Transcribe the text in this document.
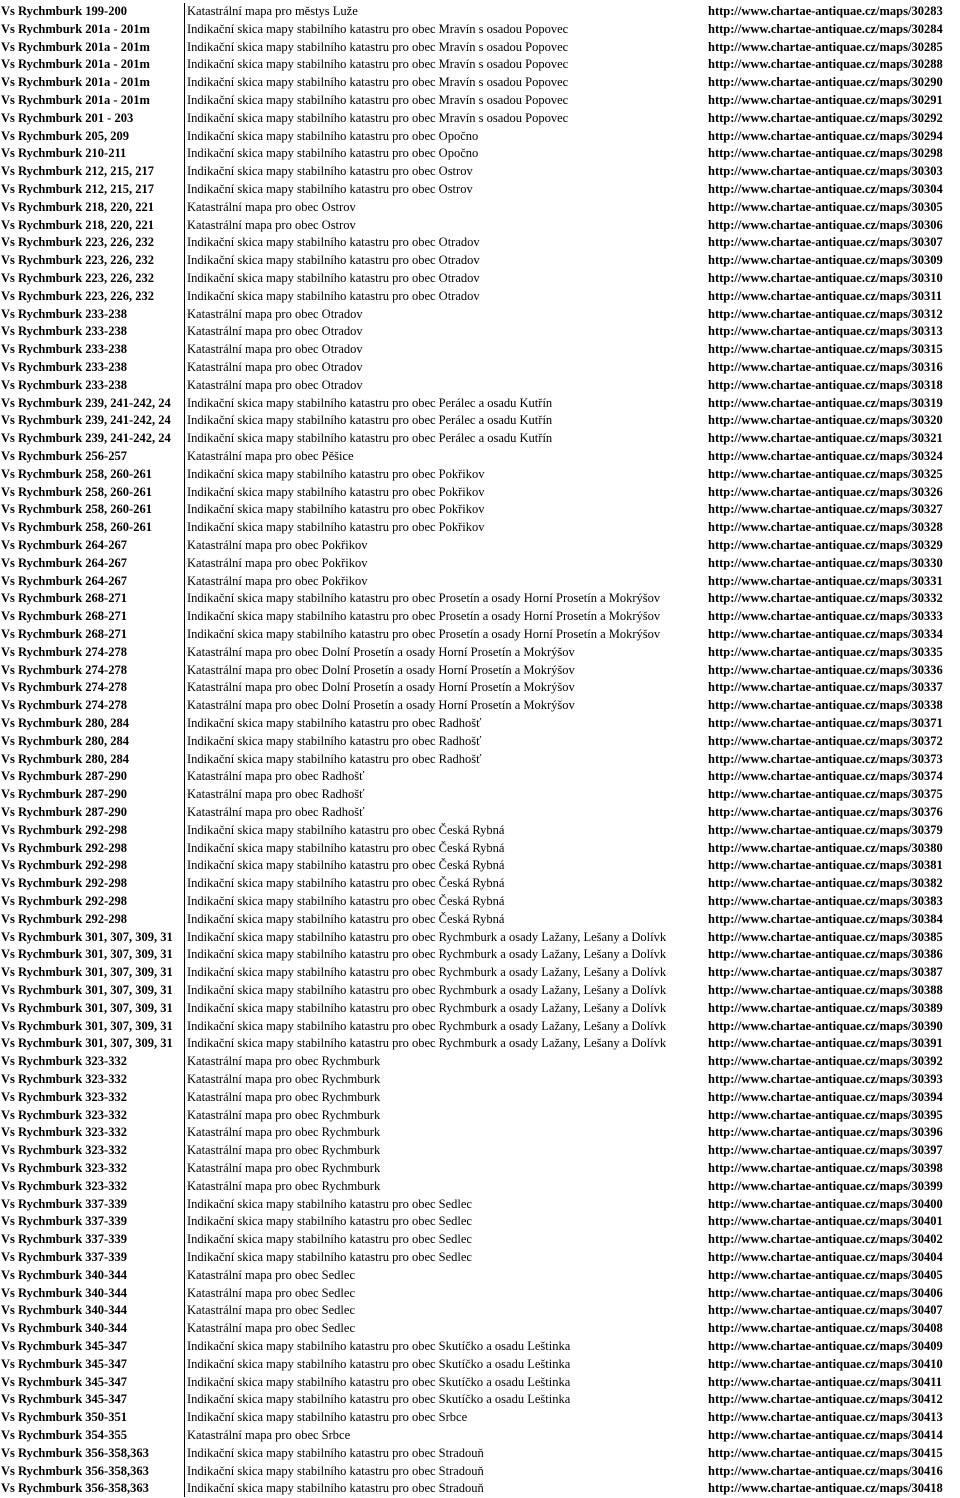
Vs Rychmburk 199-200	Katastrální mapa pro městys Luže	http://www.chartae-antiquae.cz/maps/30283
Vs Rychmburk 201a - 201m	Indikační skica mapy stabilního katastru pro obec Mravín s osadou Popovec	http://www.chartae-antiquae.cz/maps/30284
Vs Rychmburk 201a - 201m	Indikační skica mapy stabilního katastru pro obec Mravín s osadou Popovec	http://www.chartae-antiquae.cz/maps/30285
Vs Rychmburk 201a - 201m	Indikační skica mapy stabilního katastru pro obec Mravín s osadou Popovec	http://www.chartae-antiquae.cz/maps/30288
Vs Rychmburk 201a - 201m	Indikační skica mapy stabilního katastru pro obec Mravín s osadou Popovec	http://www.chartae-antiquae.cz/maps/30290
Vs Rychmburk 201a - 201m	Indikační skica mapy stabilního katastru pro obec Mravín s osadou Popovec	http://www.chartae-antiquae.cz/maps/30291
Vs Rychmburk 201 - 203	Indikační skica mapy stabilního katastru pro obec Mravín s osadou Popovec	http://www.chartae-antiquae.cz/maps/30292
Vs Rychmburk 205, 209	Indikační skica mapy stabilního katastru pro obec Opočno	http://www.chartae-antiquae.cz/maps/30294
Vs Rychmburk 210-211	Indikační skica mapy stabilního katastru pro obec Opočno	http://www.chartae-antiquae.cz/maps/30298
Vs Rychmburk 212, 215, 217	Indikační skica mapy stabilního katastru pro obec Ostrov	http://www.chartae-antiquae.cz/maps/30303
Vs Rychmburk 212, 215, 217	Indikační skica mapy stabilního katastru pro obec Ostrov	http://www.chartae-antiquae.cz/maps/30304
Vs Rychmburk 218, 220, 221	Katastrální mapa pro obec Ostrov	http://www.chartae-antiquae.cz/maps/30305
Vs Rychmburk 218, 220, 221	Katastrální mapa pro obec Ostrov	http://www.chartae-antiquae.cz/maps/30306
Vs Rychmburk 223, 226, 232	Indikační skica mapy stabilního katastru pro obec Otradov	http://www.chartae-antiquae.cz/maps/30307
Vs Rychmburk 223, 226, 232	Indikační skica mapy stabilního katastru pro obec Otradov	http://www.chartae-antiquae.cz/maps/30309
Vs Rychmburk 223, 226, 232	Indikační skica mapy stabilního katastru pro obec Otradov	http://www.chartae-antiquae.cz/maps/30310
Vs Rychmburk 223, 226, 232	Indikační skica mapy stabilního katastru pro obec Otradov	http://www.chartae-antiquae.cz/maps/30311
Vs Rychmburk 233-238	Katastrální mapa pro obec Otradov	http://www.chartae-antiquae.cz/maps/30312
Vs Rychmburk 233-238	Katastrální mapa pro obec Otradov	http://www.chartae-antiquae.cz/maps/30313
Vs Rychmburk 233-238	Katastrální mapa pro obec Otradov	http://www.chartae-antiquae.cz/maps/30315
Vs Rychmburk 233-238	Katastrální mapa pro obec Otradov	http://www.chartae-antiquae.cz/maps/30316
Vs Rychmburk 233-238	Katastrální mapa pro obec Otradov	http://www.chartae-antiquae.cz/maps/30318
Vs Rychmburk 239, 241-242, 24	Indikační skica mapy stabilního katastru pro obec Perálec a osadu Kutřín	http://www.chartae-antiquae.cz/maps/30319
Vs Rychmburk 239, 241-242, 24	Indikační skica mapy stabilního katastru pro obec Perálec a osadu Kutřín	http://www.chartae-antiquae.cz/maps/30320
Vs Rychmburk 239, 241-242, 24	Indikační skica mapy stabilního katastru pro obec Perálec a osadu Kutřín	http://www.chartae-antiquae.cz/maps/30321
Vs Rychmburk 256-257	Katastrální mapa pro obec Pěšice	http://www.chartae-antiquae.cz/maps/30324
Vs Rychmburk 258, 260-261	Indikační skica mapy stabilního katastru pro obec Pokřikov	http://www.chartae-antiquae.cz/maps/30325
Vs Rychmburk 258, 260-261	Indikační skica mapy stabilního katastru pro obec Pokřikov	http://www.chartae-antiquae.cz/maps/30326
Vs Rychmburk 258, 260-261	Indikační skica mapy stabilního katastru pro obec Pokřikov	http://www.chartae-antiquae.cz/maps/30327
Vs Rychmburk 258, 260-261	Indikační skica mapy stabilního katastru pro obec Pokřikov	http://www.chartae-antiquae.cz/maps/30328
Vs Rychmburk 264-267	Katastrální mapa pro obec Pokřikov	http://www.chartae-antiquae.cz/maps/30329
Vs Rychmburk 264-267	Katastrální mapa pro obec Pokřikov	http://www.chartae-antiquae.cz/maps/30330
Vs Rychmburk 264-267	Katastrální mapa pro obec Pokřikov	http://www.chartae-antiquae.cz/maps/30331
Vs Rychmburk 268-271	Indikační skica mapy stabilního katastru pro obec Prosetín a osady Horní Prosetín a Mokrýšov	http://www.chartae-antiquae.cz/maps/30332
Vs Rychmburk 268-271	Indikační skica mapy stabilního katastru pro obec Prosetín a osady Horní Prosetín a Mokrýšov	http://www.chartae-antiquae.cz/maps/30333
Vs Rychmburk 268-271	Indikační skica mapy stabilního katastru pro obec Prosetín a osady Horní Prosetín a Mokrýšov	http://www.chartae-antiquae.cz/maps/30334
Vs Rychmburk 274-278	Katastrální mapa pro obec Dolní Prosetín a osady Horní Prosetín a Mokrýšov	http://www.chartae-antiquae.cz/maps/30335
Vs Rychmburk 274-278	Katastrální mapa pro obec Dolní Prosetín a osady Horní Prosetín a Mokrýšov	http://www.chartae-antiquae.cz/maps/30336
Vs Rychmburk 274-278	Katastrální mapa pro obec Dolní Prosetín a osady Horní Prosetín a Mokrýšov	http://www.chartae-antiquae.cz/maps/30337
Vs Rychmburk 274-278	Katastrální mapa pro obec Dolní Prosetín a osady Horní Prosetín a Mokrýšov	http://www.chartae-antiquae.cz/maps/30338
Vs Rychmburk 280, 284	Indikační skica mapy stabilního katastru pro obec Radhošť	http://www.chartae-antiquae.cz/maps/30371
Vs Rychmburk 280, 284	Indikační skica mapy stabilního katastru pro obec Radhošť	http://www.chartae-antiquae.cz/maps/30372
Vs Rychmburk 280, 284	Indikační skica mapy stabilního katastru pro obec Radhošť	http://www.chartae-antiquae.cz/maps/30373
Vs Rychmburk 287-290	Katastrální mapa pro obec Radhošť	http://www.chartae-antiquae.cz/maps/30374
Vs Rychmburk 287-290	Katastrální mapa pro obec Radhošť	http://www.chartae-antiquae.cz/maps/30375
Vs Rychmburk 287-290	Katastrální mapa pro obec Radhošť	http://www.chartae-antiquae.cz/maps/30376
Vs Rychmburk 292-298	Indikační skica mapy stabilního katastru pro obec Česká Rybná	http://www.chartae-antiquae.cz/maps/30379
Vs Rychmburk 292-298	Indikační skica mapy stabilního katastru pro obec Česká Rybná	http://www.chartae-antiquae.cz/maps/30380
Vs Rychmburk 292-298	Indikační skica mapy stabilního katastru pro obec Česká Rybná	http://www.chartae-antiquae.cz/maps/30381
Vs Rychmburk 292-298	Indikační skica mapy stabilního katastru pro obec Česká Rybná	http://www.chartae-antiquae.cz/maps/30382
Vs Rychmburk 292-298	Indikační skica mapy stabilního katastru pro obec Česká Rybná	http://www.chartae-antiquae.cz/maps/30383
Vs Rychmburk 292-298	Indikační skica mapy stabilního katastru pro obec Česká Rybná	http://www.chartae-antiquae.cz/maps/30384
Vs Rychmburk 301, 307, 309, 31	Indikační skica mapy stabilního katastru pro obec Rychmburk a osady Lažany, Lešany a Dolívk	http://www.chartae-antiquae.cz/maps/30385
Vs Rychmburk 301, 307, 309, 31	Indikační skica mapy stabilního katastru pro obec Rychmburk a osady Lažany, Lešany a Dolívk	http://www.chartae-antiquae.cz/maps/30386
Vs Rychmburk 301, 307, 309, 31	Indikační skica mapy stabilního katastru pro obec Rychmburk a osady Lažany, Lešany a Dolívk	http://www.chartae-antiquae.cz/maps/30387
Vs Rychmburk 301, 307, 309, 31	Indikační skica mapy stabilního katastru pro obec Rychmburk a osady Lažany, Lešany a Dolívk	http://www.chartae-antiquae.cz/maps/30388
Vs Rychmburk 301, 307, 309, 31	Indikační skica mapy stabilního katastru pro obec Rychmburk a osady Lažany, Lešany a Dolívk	http://www.chartae-antiquae.cz/maps/30389
Vs Rychmburk 301, 307, 309, 31	Indikační skica mapy stabilního katastru pro obec Rychmburk a osady Lažany, Lešany a Dolívk	http://www.chartae-antiquae.cz/maps/30390
Vs Rychmburk 301, 307, 309, 31	Indikační skica mapy stabilního katastru pro obec Rychmburk a osady Lažany, Lešany a Dolívk	http://www.chartae-antiquae.cz/maps/30391
Vs Rychmburk 323-332	Katastrální mapa pro obec Rychmburk	http://www.chartae-antiquae.cz/maps/30392
Vs Rychmburk 323-332	Katastrální mapa pro obec Rychmburk	http://www.chartae-antiquae.cz/maps/30393
Vs Rychmburk 323-332	Katastrální mapa pro obec Rychmburk	http://www.chartae-antiquae.cz/maps/30394
Vs Rychmburk 323-332	Katastrální mapa pro obec Rychmburk	http://www.chartae-antiquae.cz/maps/30395
Vs Rychmburk 323-332	Katastrální mapa pro obec Rychmburk	http://www.chartae-antiquae.cz/maps/30396
Vs Rychmburk 323-332	Katastrální mapa pro obec Rychmburk	http://www.chartae-antiquae.cz/maps/30397
Vs Rychmburk 323-332	Katastrální mapa pro obec Rychmburk	http://www.chartae-antiquae.cz/maps/30398
Vs Rychmburk 323-332	Katastrální mapa pro obec Rychmburk	http://www.chartae-antiquae.cz/maps/30399
Vs Rychmburk 337-339	Indikační skica mapy stabilního katastru pro obec Sedlec	http://www.chartae-antiquae.cz/maps/30400
Vs Rychmburk 337-339	Indikační skica mapy stabilního katastru pro obec Sedlec	http://www.chartae-antiquae.cz/maps/30401
Vs Rychmburk 337-339	Indikační skica mapy stabilního katastru pro obec Sedlec	http://www.chartae-antiquae.cz/maps/30402
Vs Rychmburk 337-339	Indikační skica mapy stabilního katastru pro obec Sedlec	http://www.chartae-antiquae.cz/maps/30404
Vs Rychmburk 340-344	Katastrální mapa pro obec Sedlec	http://www.chartae-antiquae.cz/maps/30405
Vs Rychmburk 340-344	Katastrální mapa pro obec Sedlec	http://www.chartae-antiquae.cz/maps/30406
Vs Rychmburk 340-344	Katastrální mapa pro obec Sedlec	http://www.chartae-antiquae.cz/maps/30407
Vs Rychmburk 340-344	Katastrální mapa pro obec Sedlec	http://www.chartae-antiquae.cz/maps/30408
Vs Rychmburk 345-347	Indikační skica mapy stabilního katastru pro obec Skutíčko a osadu Leštinka	http://www.chartae-antiquae.cz/maps/30409
Vs Rychmburk 345-347	Indikační skica mapy stabilního katastru pro obec Skutíčko a osadu Leštinka	http://www.chartae-antiquae.cz/maps/30410
Vs Rychmburk 345-347	Indikační skica mapy stabilního katastru pro obec Skutíčko a osadu Leštinka	http://www.chartae-antiquae.cz/maps/30411
Vs Rychmburk 345-347	Indikační skica mapy stabilního katastru pro obec Skutíčko a osadu Leštinka	http://www.chartae-antiquae.cz/maps/30412
Vs Rychmburk 350-351	Indikační skica mapy stabilního katastru pro obec Srbce	http://www.chartae-antiquae.cz/maps/30413
Vs Rychmburk 354-355	Katastrální mapa pro obec Srbce	http://www.chartae-antiquae.cz/maps/30414
Vs Rychmburk 356-358,363	Indikační skica mapy stabilního katastru pro obec Stradouň	http://www.chartae-antiquae.cz/maps/30415
Vs Rychmburk 356-358,363	Indikační skica mapy stabilního katastru pro obec Stradouň	http://www.chartae-antiquae.cz/maps/30416
Vs Rychmburk 356-358,363	Indikační skica mapy stabilního katastru pro obec Stradouň	http://www.chartae-antiquae.cz/maps/30418
